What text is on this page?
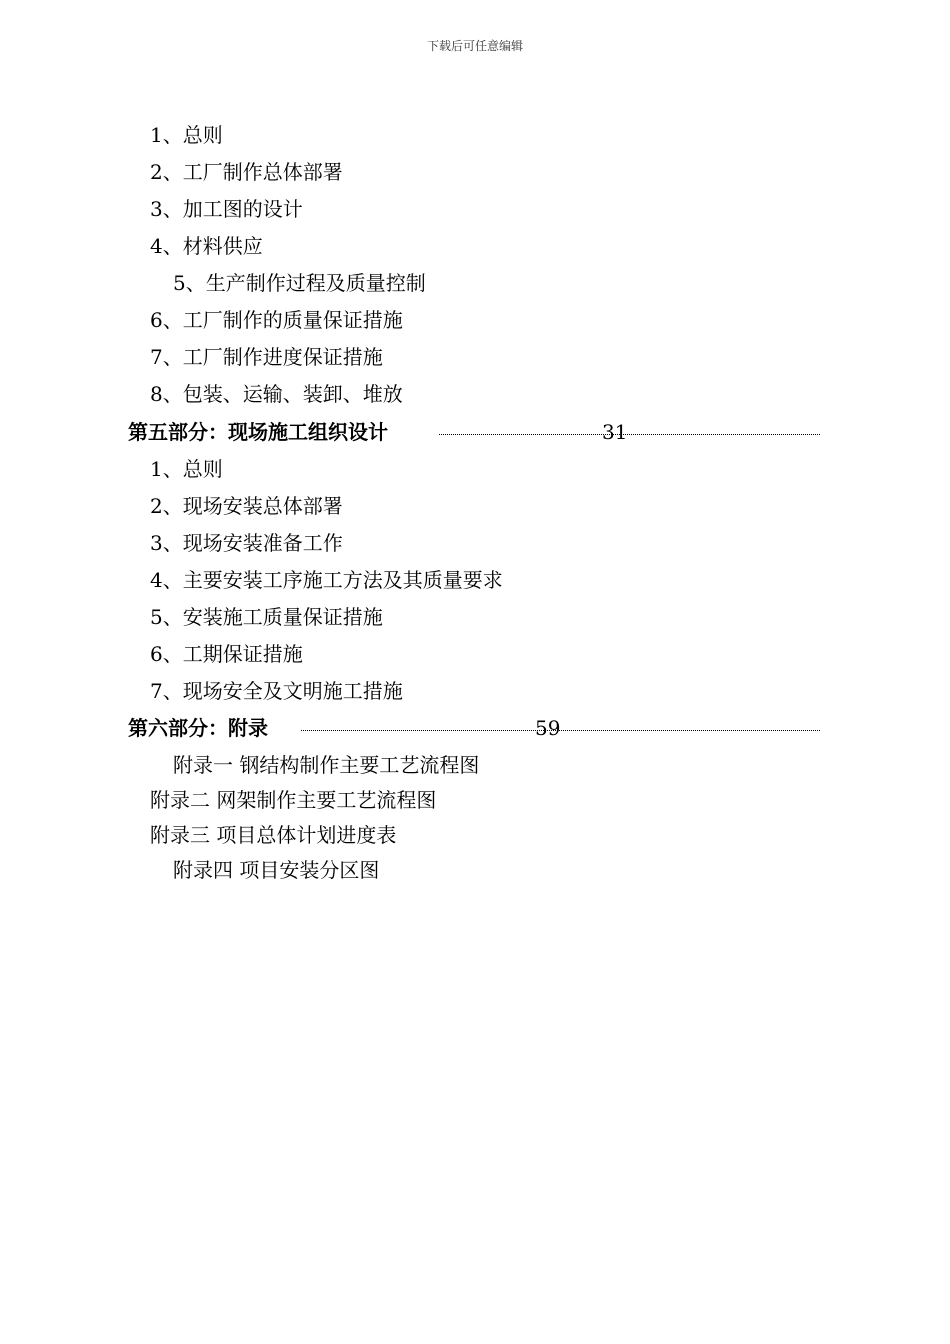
下载后可任意编辑
1、总则
2、工厂制作总体部署
3、加工图的设计
4、材料供应
5、生产制作过程及质量控制
6、工厂制作的质量保证措施
7、工厂制作进度保证措施
8、包装、运输、装卸、堆放
第五部分：现场施工组织设计	31
1、总则
2、现场安装总体部署
3、现场安装准备工作
4、主要安装工序施工方法及其质量要求
5、安装施工质量保证措施
6、工期保证措施
7、现场安全及文明施工措施
第六部分：附录	59
附录一 钢结构制作主要工艺流程图
附录二 网架制作主要工艺流程图
附录三 项目总体计划进度表
附录四 项目安装分区图
